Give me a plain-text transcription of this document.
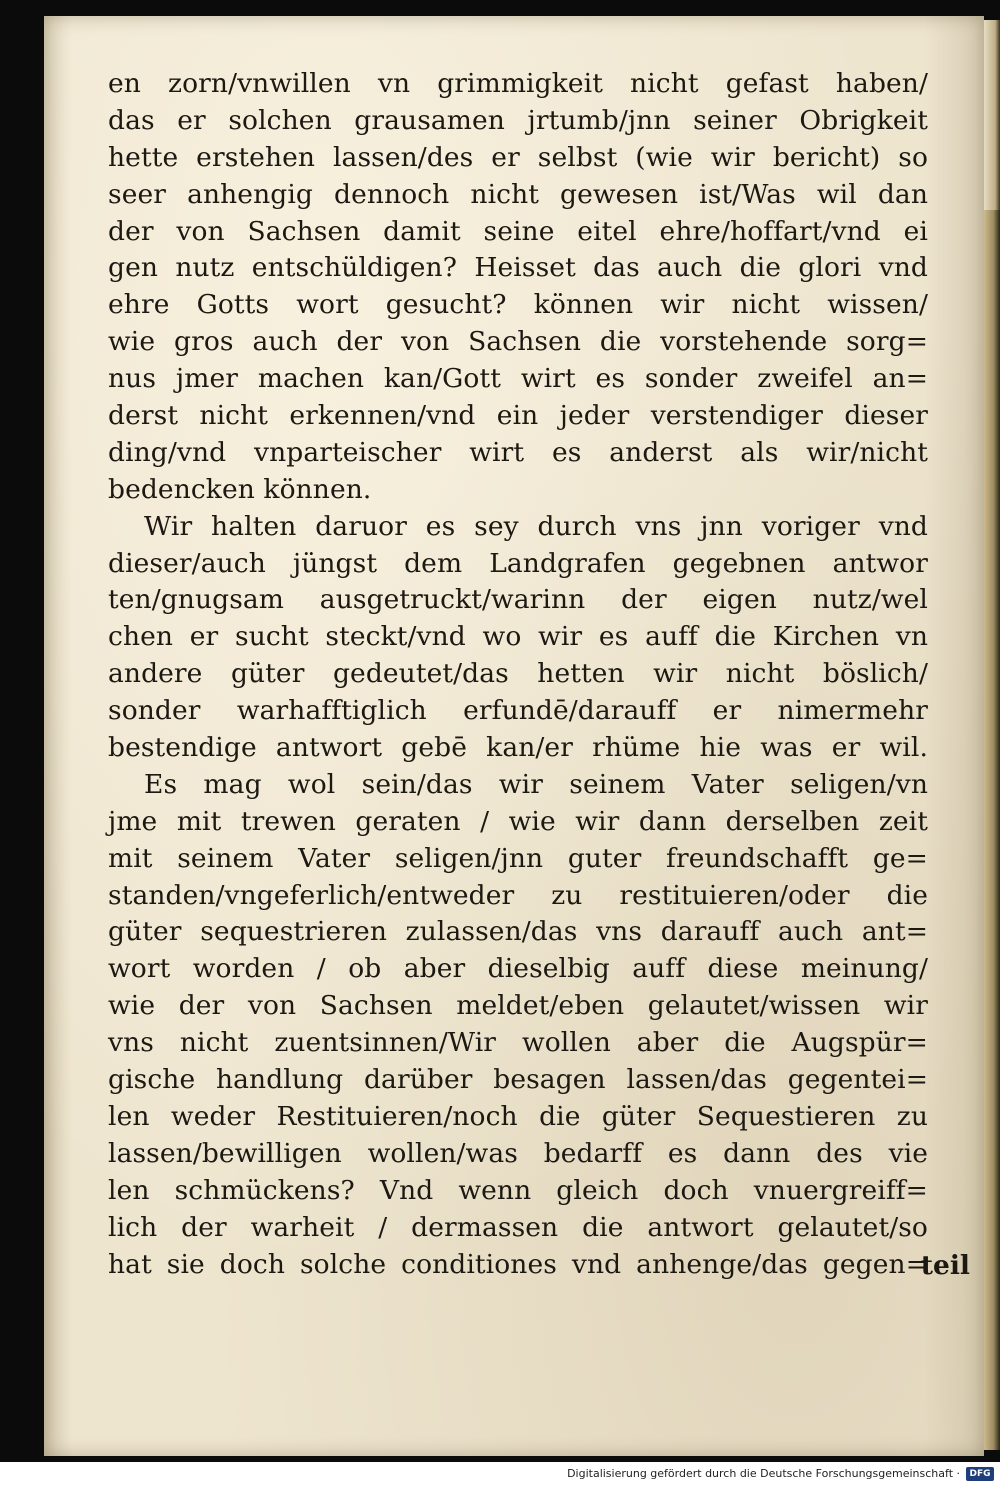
en zorn/vnwillen vn grimmigkeit nicht gefast haben/
das er solchen grausamen jrtumb/jnn seiner Obrigkeit
hette erstehen lassen/des er selbst (wie wir bericht) so
seer anhengig dennoch nicht gewesen ist/Was wil dan
der von Sachsen damit seine eitel ehre/hoffart/vnd ei
gen nutz entschüldigen? Heisset das auch die glori vnd
ehre Gotts wort gesucht? können wir nicht wissen/
wie gros auch der von Sachsen die vorstehende sorg=
nus jmer machen kan/Gott wirt es sonder zweifel an=
derst nicht erkennen/vnd ein jeder verstendiger dieser
ding/vnd vnparteischer wirt es anderst als wir/nicht
bedencken können.
Wir halten daruor es sey durch vns jnn voriger vnd
dieser/auch jüngst dem Landgrafen gegebnen antwor
ten/gnugsam ausgetruckt/warinn der eigen nutz/wel
chen er sucht steckt/vnd wo wir es auff die Kirchen vn
andere güter gedeutet/das hetten wir nicht böslich/
sonder warhafftiglich erfundē/darauff er nimermehr
bestendige antwort gebē kan/er rhüme hie was er wil.
Es mag wol sein/das wir seinem Vater seligen/vn
jme mit trewen geraten / wie wir dann derselben zeit
mit seinem Vater seligen/jnn guter freundschafft ge=
standen/vngeferlich/entweder zu restituieren/oder die
güter sequestrieren zulassen/das vns darauff auch ant=
wort worden / ob aber dieselbig auff diese meinung/
wie der von Sachsen meldet/eben gelautet/wissen wir
vns nicht zuentsinnen/Wir wollen aber die Augspür=
gische handlung darüber besagen lassen/das gegentei=
len weder Restituieren/noch die güter Sequestieren zu
lassen/bewilligen wollen/was bedarff es dann des vie
len schmückens? Vnd wenn gleich doch vnuergreiff=
lich der warheit / dermassen die antwort gelautet/so
hat sie doch solche conditiones vnd anhenge/das gegen=
teil
Digitalisierung gefördert durch die Deutsche Forschungsgemeinschaft ·	DFG
